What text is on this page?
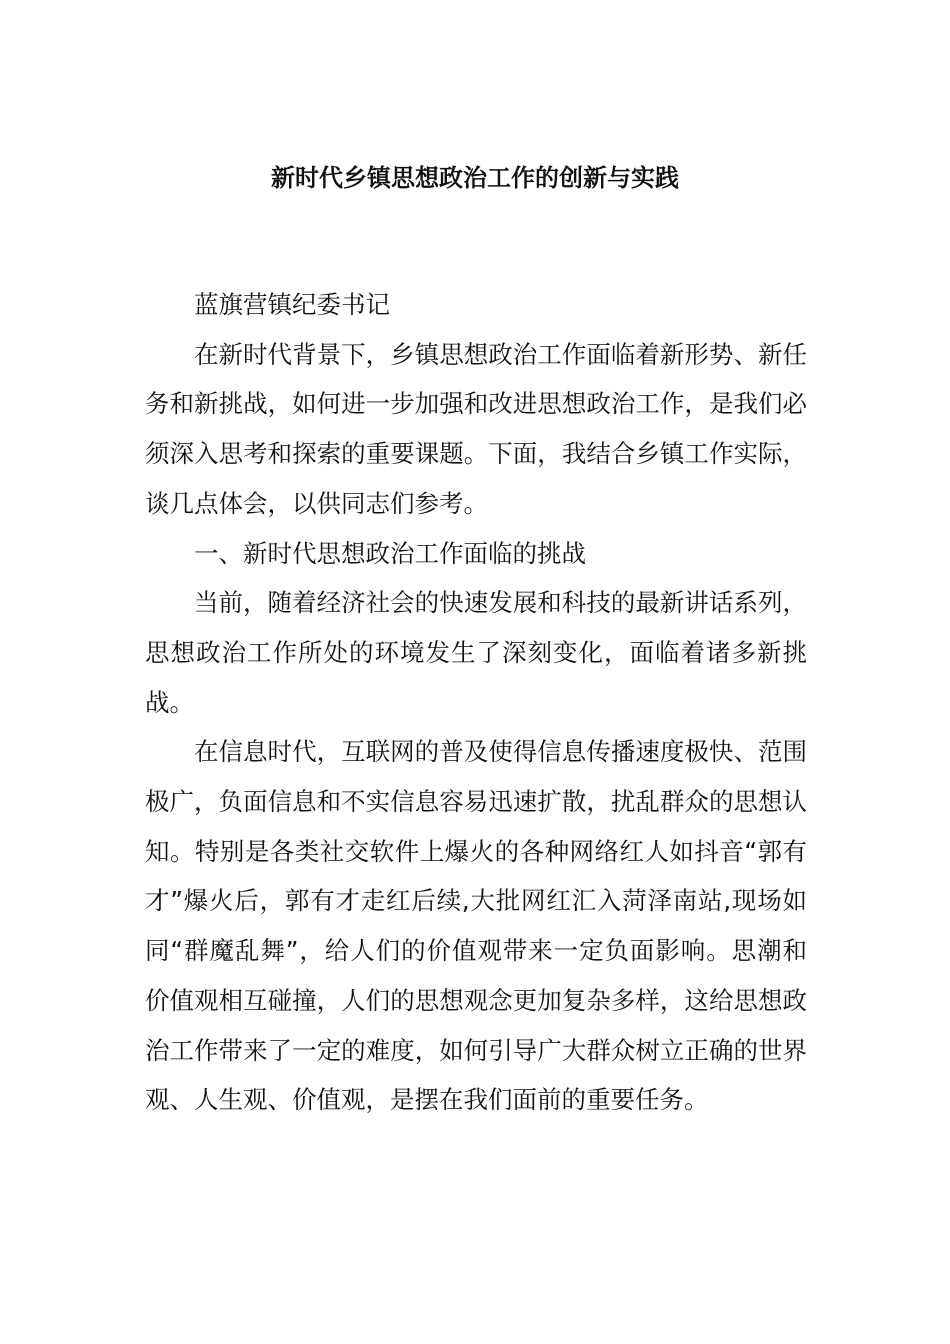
新时代乡镇思想政治工作的创新与实践

蓝旗营镇纪委书记

在新时代背景下，乡镇思想政治工作面临着新形势、新任务和新挑战，如何进一步加强和改进思想政治工作，是我们必须深入思考和探索的重要课题。下面，我结合乡镇工作实际，谈几点体会，以供同志们参考。

一、新时代思想政治工作面临的挑战

当前，随着经济社会的快速发展和科技的最新讲话系列，思想政治工作所处的环境发生了深刻变化，面临着诸多新挑战。

在信息时代，互联网的普及使得信息传播速度极快、范围极广，负面信息和不实信息容易迅速扩散，扰乱群众的思想认知。特别是各类社交软件上爆火的各种网络红人如抖音“郭有才”爆火后，郭有才走红后续,大批网红汇入菏泽南站,现场如同“群魔乱舞”，给人们的价值观带来一定负面影响。思潮和价值观相互碰撞，人们的思想观念更加复杂多样，这给思想政治工作带来了一定的难度，如何引导广大群众树立正确的世界观、人生观、价值观，是摆在我们面前的重要任务。
